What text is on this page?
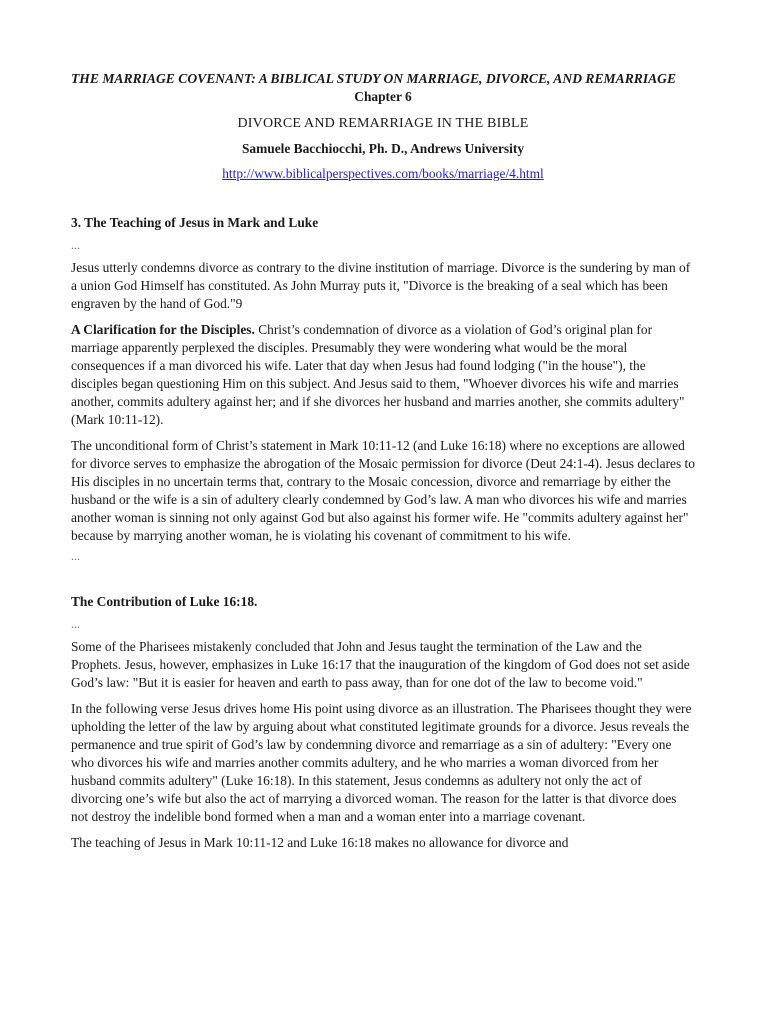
THE MARRIAGE COVENANT: A BIBLICAL STUDY ON MARRIAGE, DIVORCE, AND REMARRIAGE

Chapter 6

DIVORCE AND REMARRIAGE IN THE BIBLE

Samuele Bacchiocchi, Ph. D., Andrews University

http://www.biblicalperspectives.com/books/marriage/4.html

3. The Teaching of Jesus in Mark and Luke

...

Jesus utterly condemns divorce as contrary to the divine institution of marriage. Divorce is the sundering by man of a union God Himself has constituted. As John Murray puts it, "Divorce is the breaking of a seal which has been engraven by the hand of God."9

A Clarification for the Disciples. Christ’s condemnation of divorce as a violation of God’s original plan for marriage apparently perplexed the disciples. Presumably they were wondering what would be the moral consequences if a man divorced his wife. Later that day when Jesus had found lodging ("in the house"), the disciples began questioning Him on this subject. And Jesus said to them, "Whoever divorces his wife and marries another, commits adultery against her; and if she divorces her husband and marries another, she commits adultery" (Mark 10:11-12).

The unconditional form of Christ’s statement in Mark 10:11-12 (and Luke 16:18) where no exceptions are allowed for divorce serves to emphasize the abrogation of the Mosaic permission for divorce (Deut 24:1-4). Jesus declares to His disciples in no uncertain terms that, contrary to the Mosaic concession, divorce and remarriage by either the husband or the wife is a sin of adultery clearly condemned by God’s law. A man who divorces his wife and marries another woman is sinning not only against God but also against his former wife. He "commits adultery against her" because by marrying another woman, he is violating his covenant of commitment to his wife.

...

The Contribution of Luke 16:18.

...

Some of the Pharisees mistakenly concluded that John and Jesus taught the termination of the Law and the Prophets. Jesus, however, emphasizes in Luke 16:17 that the inauguration of the kingdom of God does not set aside God’s law: "But it is easier for heaven and earth to pass away, than for one dot of the law to become void."

In the following verse Jesus drives home His point using divorce as an illustration. The Pharisees thought they were upholding the letter of the law by arguing about what constituted legitimate grounds for a divorce. Jesus reveals the permanence and true spirit of God’s law by condemning divorce and remarriage as a sin of adultery: "Every one who divorces his wife and marries another commits adultery, and he who marries a woman divorced from her husband commits adultery" (Luke 16:18). In this statement, Jesus condemns as adultery not only the act of divorcing one’s wife but also the act of marrying a divorced woman. The reason for the latter is that divorce does not destroy the indelible bond formed when a man and a woman enter into a marriage covenant.

The teaching of Jesus in Mark 10:11-12 and Luke 16:18 makes no allowance for divorce and
